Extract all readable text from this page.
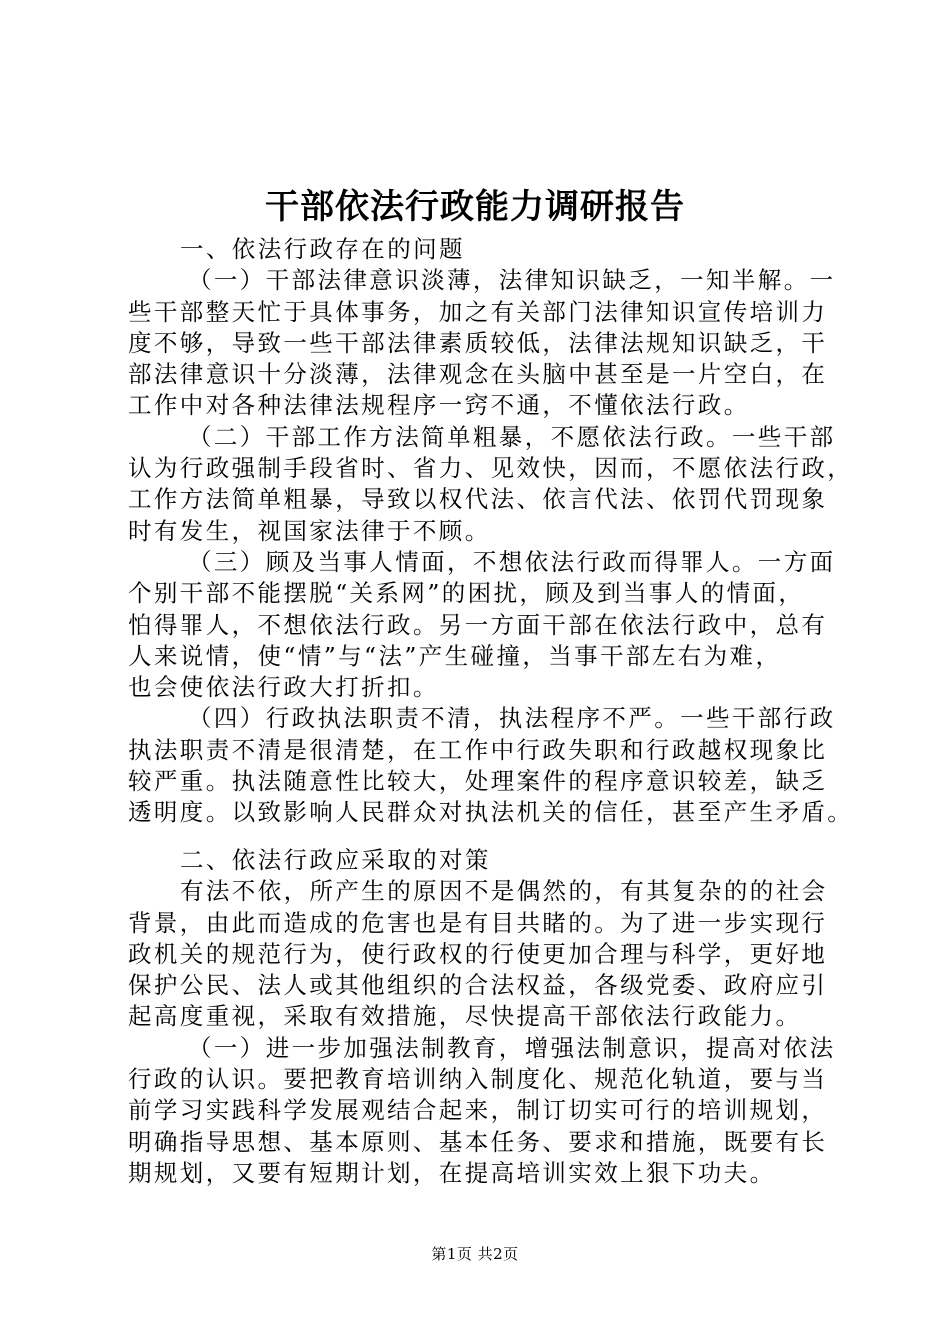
干部依法行政能力调研报告
一、依法行政存在的问题
（一）干部法律意识淡薄，法律知识缺乏，一知半解。一
些干部整天忙于具体事务，加之有关部门法律知识宣传培训力
度不够，导致一些干部法律素质较低，法律法规知识缺乏，干
部法律意识十分淡薄，法律观念在头脑中甚至是一片空白，在
工作中对各种法律法规程序一窍不通，不懂依法行政。
（二）干部工作方法简单粗暴，不愿依法行政。一些干部
认为行政强制手段省时、省力、见效快，因而，不愿依法行政，
工作方法简单粗暴，导致以权代法、依言代法、依罚代罚现象
时有发生，视国家法律于不顾。
（三）顾及当事人情面，不想依法行政而得罪人。一方面
个别干部不能摆脱“关系网”的困扰，顾及到当事人的情面，
怕得罪人，不想依法行政。另一方面干部在依法行政中，总有
人来说情，使“情”与“法”产生碰撞，当事干部左右为难，
也会使依法行政大打折扣。
（四）行政执法职责不清，执法程序不严。一些干部行政
执法职责不清是很清楚，在工作中行政失职和行政越权现象比
较严重。执法随意性比较大，处理案件的程序意识较差，缺乏
透明度。以致影响人民群众对执法机关的信任，甚至产生矛盾。
二、依法行政应采取的对策
有法不依，所产生的原因不是偶然的，有其复杂的的社会
背景，由此而造成的危害也是有目共睹的。为了进一步实现行
政机关的规范行为，使行政权的行使更加合理与科学，更好地
保护公民、法人或其他组织的合法权益，各级党委、政府应引
起高度重视，采取有效措施，尽快提高干部依法行政能力。
（一）进一步加强法制教育，增强法制意识，提高对依法
行政的认识。要把教育培训纳入制度化、规范化轨道，要与当
前学习实践科学发展观结合起来，制订切实可行的培训规划，
明确指导思想、基本原则、基本任务、要求和措施，既要有长
期规划，又要有短期计划，在提高培训实效上狠下功夫。
第1页 共2页
